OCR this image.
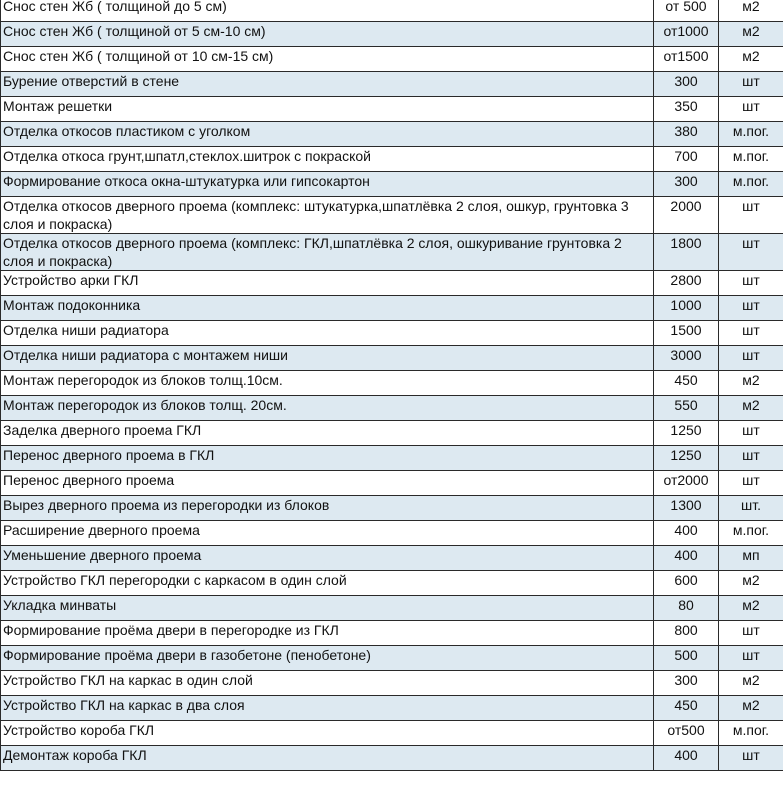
Снос стен Жб ( толщиной до 5 см)	от 500	м2
Снос стен Жб ( толщиной от 5 см-10 см)	от1000	м2
Снос стен Жб ( толщиной от 10 см-15 см)	от1500	м2
Бурение отверстий в стене	300	шт
Монтаж решетки	350	шт
Отделка откосов пластиком с уголком	380	м.пог.
Отделка откоса грунт,шпатл,стеклох.шитрок с покраской	700	м.пог.
Формирование откоса окна-штукатурка или гипсокартон	300	м.пог.
Отделка откосов дверного проема (комплекс: штукатурка,шпатлёвка 2 слоя, ошкур, грунтовка 3 слоя и покраска)	2000	шт
Отделка откосов дверного проема (комплекс: ГКЛ,шпатлёвка 2 слоя, ошкуривание грунтовка 2 слоя и покраска)	1800	шт
Устройство арки ГКЛ	2800	шт
Монтаж подоконника	1000	шт
Отделка ниши радиатора	1500	шт
Отделка ниши радиатора с монтажем ниши	3000	шт
Монтаж перегородок из блоков толщ.10см.	450	м2
Монтаж перегородок из блоков толщ. 20см.	550	м2
Заделка дверного проема ГКЛ	1250	шт
Перенос дверного проема в ГКЛ	1250	шт
Перенос дверного проема	от2000	шт
Вырез дверного проема из перегородки из блоков	1300	шт.
Расширение дверного проема	400	м.пог.
Уменьшение дверного проема	400	мп
Устройство ГКЛ перегородки с каркасом в один слой	600	м2
Укладка минваты	80	м2
Формирование проёма двери в перегородке из ГКЛ	800	шт
Формирование проёма двери в газобетоне (пенобетоне)	500	шт
Устройство ГКЛ на каркас в один слой	300	м2
Устройство ГКЛ на каркас в два слоя	450	м2
Устройство короба ГКЛ	от500	м.пог.
Демонтаж короба ГКЛ	400	шт
